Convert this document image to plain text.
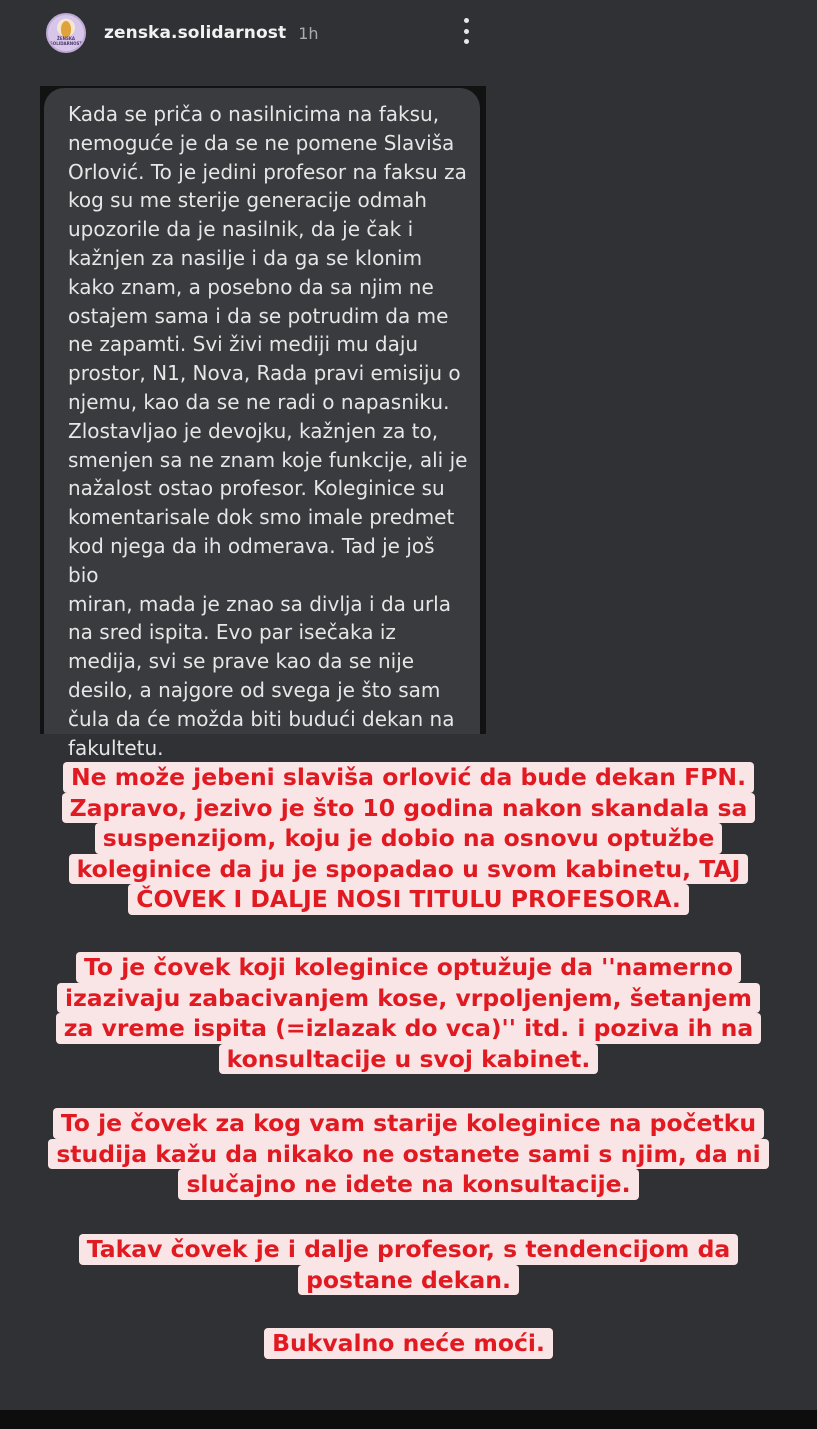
ŽENSKA SOLIDARNOST
zenska.solidarnost 1h
Kada se priča o nasilnicima na faksu,
nemoguće je da se ne pomene Slaviša
Orlović. To je jedini profesor na faksu za
kog su me sterije generacije odmah
upozorile da je nasilnik, da je čak i
kažnjen za nasilje i da ga se klonim
kako znam, a posebno da sa njim ne
ostajem sama i da se potrudim da me
ne zapamti. Svi živi mediji mu daju
prostor, N1, Nova, Rada pravi emisiju o
njemu, kao da se ne radi o napasniku.
Zlostavljao je devojku, kažnjen za to,
smenjen sa ne znam koje funkcije, ali je
nažalost ostao profesor. Koleginice su
komentarisale dok smo imale predmet
kod njega da ih odmerava. Tad je još bio
miran, mada je znao sa divlja i da urla
na sred ispita. Evo par isečaka iz
medija, svi se prave kao da se nije
desilo, a najgore od svega je što sam
čula da će možda biti budući dekan na
fakultetu.
Ne može jebeni slaviša orlović da bude dekan FPN.
Zapravo, jezivo je što 10 godina nakon skandala sa
suspenzijom, koju je dobio na osnovu optužbe
koleginice da ju je spopadao u svom kabinetu, TAJ
ČOVEK I DALJE NOSI TITULU PROFESORA.
To je čovek koji koleginice optužuje da ''namerno
izazivaju zabacivanjem kose, vrpoljenjem, šetanjem
za vreme ispita (=izlazak do vca)'' itd. i poziva ih na
konsultacije u svoj kabinet.
To je čovek za kog vam starije koleginice na početku
studija kažu da nikako ne ostanete sami s njim, da ni
slučajno ne idete na konsultacije.
Takav čovek je i dalje profesor, s tendencijom da
postane dekan.
Bukvalno neće moći.
